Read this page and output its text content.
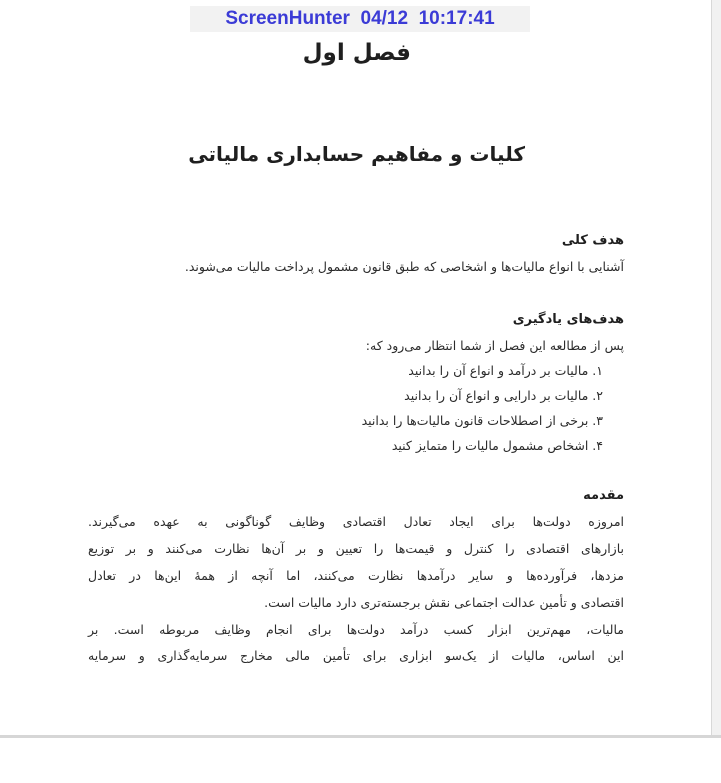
ScreenHunter  04/12  10:17:41
فصل اول
کلیات و مفاهیم حسابداری مالیاتی
هدف کلی
آشنایی با انواع مالیات‌ها و اشخاصی که طبق قانون مشمول پرداخت مالیات می‌شوند.
هدف‌های یادگیری
پس از مطالعه این فصل از شما انتظار می‌رود که:
۱. مالیات بر درآمد و انواع آن را بدانید
۲. مالیات بر دارایی و انواع آن را بدانید
۳. برخی از اصطلاحات قانون مالیات‌ها را بدانید
۴. اشخاص مشمول مالیات را متمایز کنید
مقدمه
امروزه دولت‌ها برای ایجاد تعادل اقتصادی وظایف گوناگونی به عهده می‌گیرند.
بازارهای اقتصادی را کنترل و قیمت‌ها را تعیین و بر آن‌ها نظارت می‌کنند و بر توزیع
مزدها، فرآورده‌ها و سایر درآمدها نظارت می‌کنند، اما آنچه از همهٔ این‌ها در تعادل
اقتصادی و تأمین عدالت اجتماعی نقش برجسته‌تری دارد مالیات است.
مالیات، مهم‌ترین ابزار کسب درآمد دولت‌ها برای انجام وظایف مربوطه است. بر
این اساس، مالیات از یک‌سو ابزاری برای تأمین مالی مخارج سرمایه‌گذاری و سرمایه
